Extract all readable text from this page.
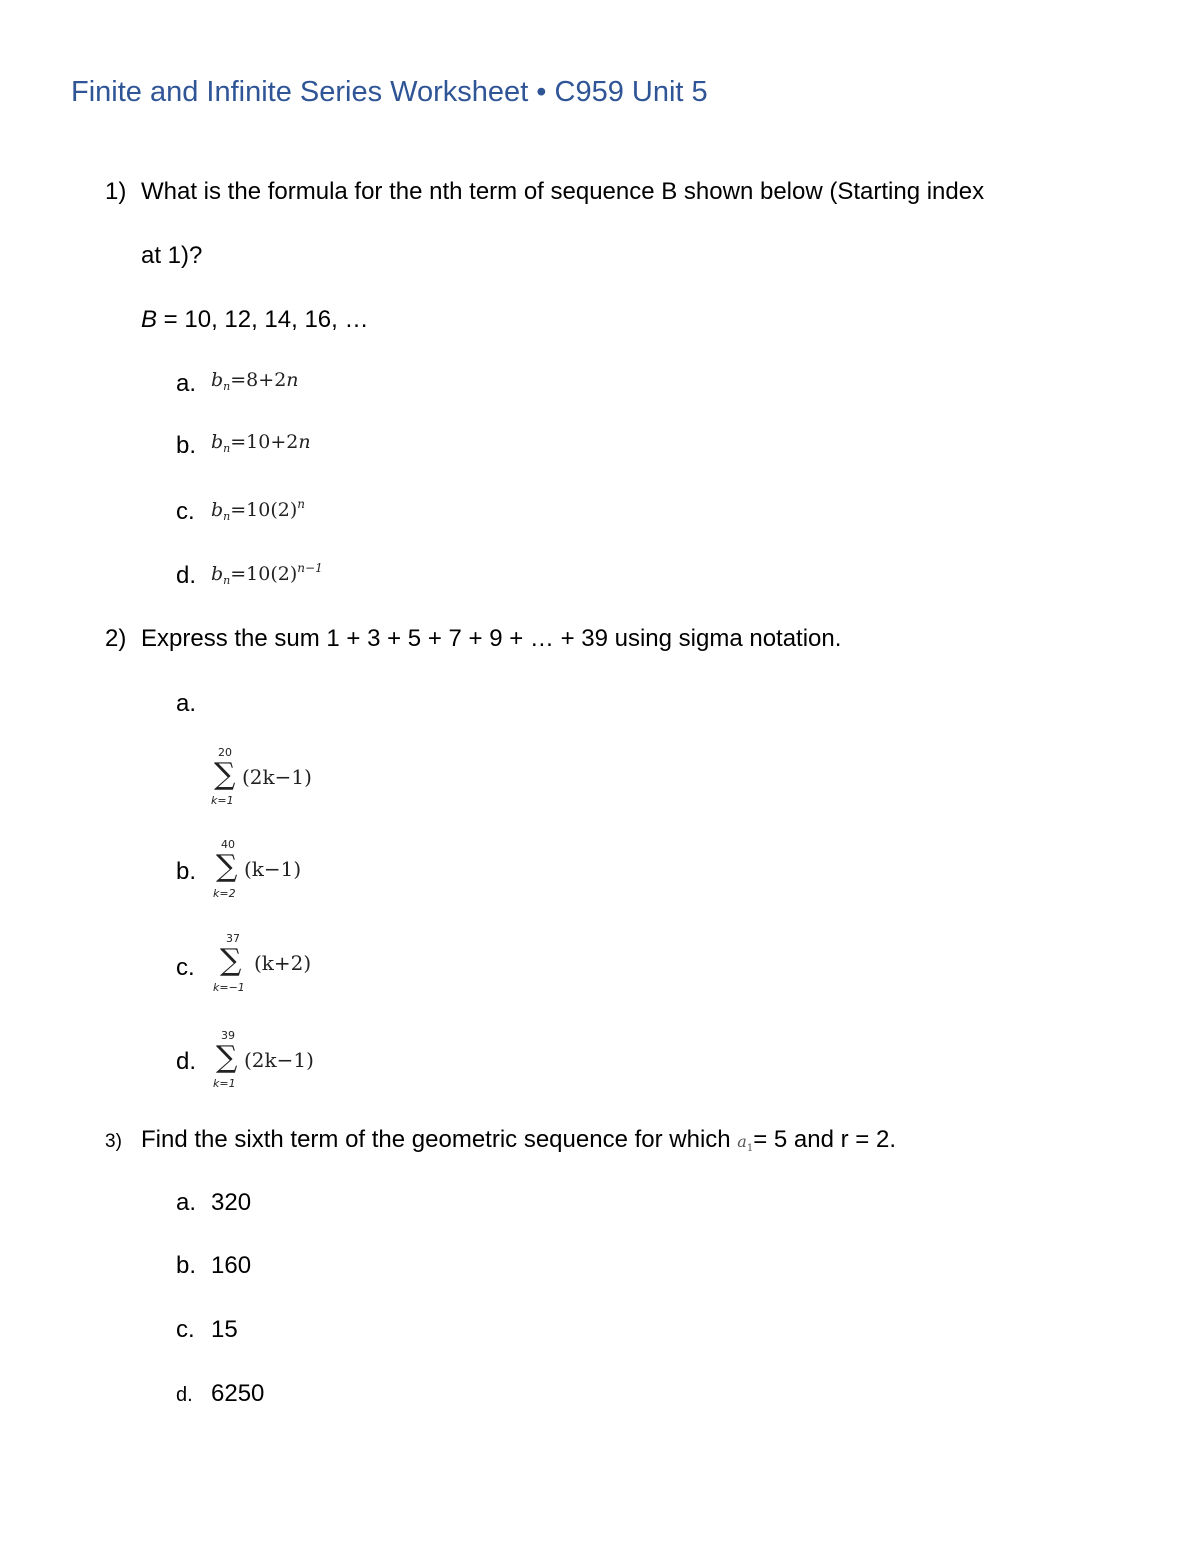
Finite and Infinite Series Worksheet • C959 Unit 5
1) What is the formula for the nth term of sequence B shown below (Starting index
at 1)?
B = 10, 12, 14, 16, …
a. $b_n=8+2n$
b. $b_n=10+2n$
c. $b_n=10(2)^n$
d. $b_n=10(2)^{n-1}$
2) Express the sum 1 + 3 + 5 + 7 + 9 + … + 39 using sigma notation.
a.
20
∑
k=1
(2k−1)
b.
40
∑
k=2
(k−1)
c.
37
∑
k=−1
(k+2)
d.
39
∑
k=1
(2k−1)
3) Find the sixth term of the geometric sequence for which $a_1= 5$ and r = 2.
a. 320
b. 160
c. 15
d. 6250
